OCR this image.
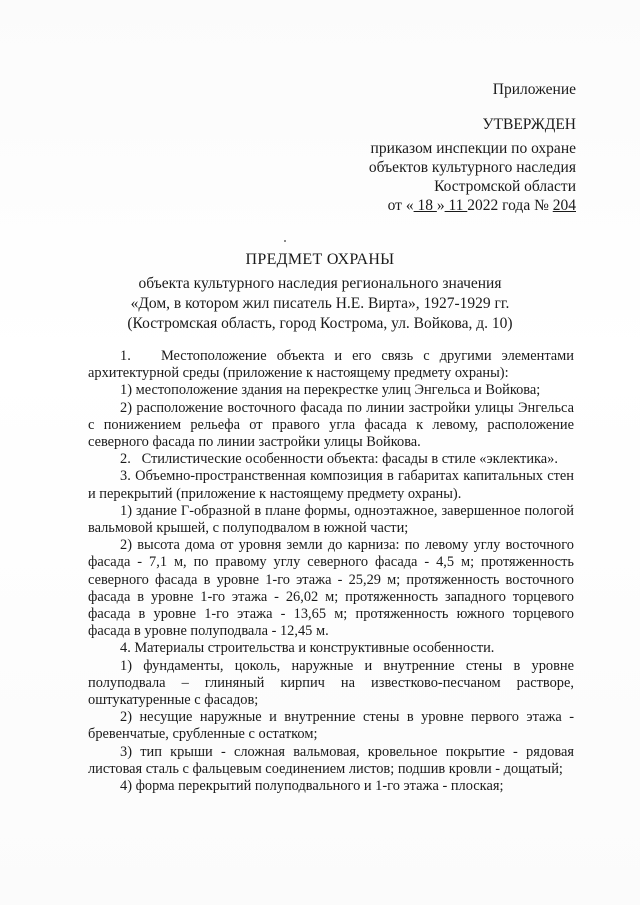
Приложение
УТВЕРЖДЕН
приказом инспекции по охране
объектов культурного наследия
Костромской области
от « 18 » 11 2022 года № 204
ПРЕДМЕТ ОХРАНЫ
объекта культурного наследия регионального значения
«Дом, в котором жил писатель Н.Е. Вирта», 1927-1929 гг.
(Костромская область, город Кострома, ул. Войкова, д. 10)

1.   Местоположение объекта и его связь с другими элементами архитектурной среды (приложение к настоящему предмету охраны):

1) местоположение здания на перекрестке улиц Энгельса и Войкова;

2) расположение восточного фасада по линии застройки улицы Энгельса с понижением рельефа от правого угла фасада к левому, расположение северного фасада по линии застройки улицы Войкова.

2.   Стилистические особенности объекта: фасады в стиле «эклектика».

3. Объемно-пространственная композиция в габаритах капитальных стен и перекрытий (приложение к настоящему предмету охраны).

1) здание Г-образной в плане формы, одноэтажное, завершенное пологой вальмовой крышей, с полуподвалом в южной части;

2) высота дома от уровня земли до карниза: по левому углу восточного фасада - 7,1 м, по правому углу северного фасада - 4,5 м; протяженность северного фасада в уровне 1-го этажа - 25,29 м; протяженность восточного фасада в уровне 1-го этажа - 26,02 м; протяженность западного торцевого фасада в уровне 1-го этажа - 13,65 м; протяженность южного торцевого фасада в уровне полуподвала - 12,45 м.

4. Материалы строительства и конструктивные особенности.

1) фундаменты, цоколь, наружные и внутренние стены в уровне полуподвала – глиняный кирпич на известково-песчаном растворе, оштукатуренные с фасадов;

2) несущие наружные и внутренние стены в уровне первого этажа - бревенчатые, срубленные с остатком;

3) тип крыши - сложная вальмовая, кровельное покрытие - рядовая листовая сталь с фальцевым соединением листов; подшив кровли - дощатый;

4) форма перекрытий полуподвального и 1-го этажа - плоская;
